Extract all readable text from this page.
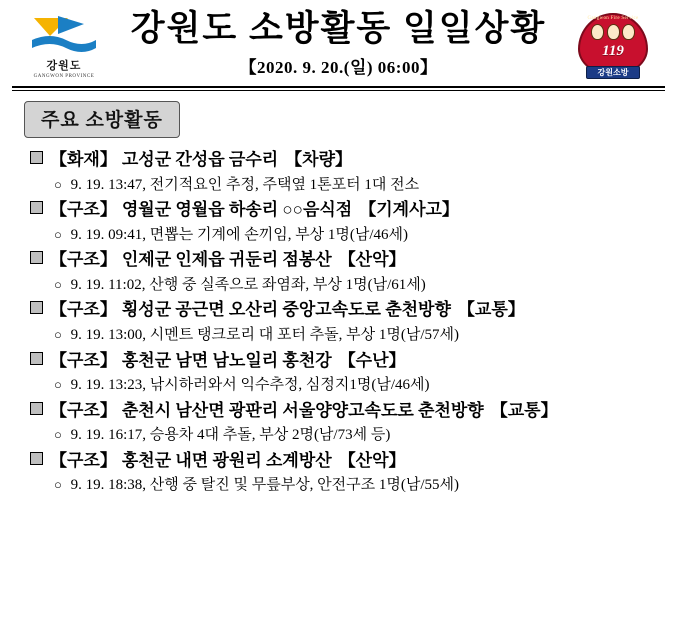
강원도
GANGWON PROVINCE
강원도 소방활동 일일상황
【2020. 9. 20.(일) 06:00】
Gangwon Fire Service
119
강원소방
주요 소방활동
【화재】 고성군 간성읍 금수리 【차량】
○ 9. 19. 13:47, 전기적요인 추정, 주택옆 1톤포터 1대 전소
【구조】 영월군 영월읍 하송리 ○○음식점 【기계사고】
○ 9. 19. 09:41, 면뽑는 기계에 손끼임, 부상 1명(남/46세)
【구조】 인제군 인제읍 귀둔리 점봉산 【산악】
○ 9. 19. 11:02, 산행 중 실족으로 좌염좌, 부상 1명(남/61세)
【구조】 횡성군 공근면 오산리 중앙고속도로 춘천방향 【교통】
○ 9. 19. 13:00, 시멘트 탱크로리 대 포터 추돌, 부상 1명(남/57세)
【구조】 홍천군 남면 남노일리 홍천강 【수난】
○ 9. 19. 13:23, 낚시하러와서 익수추정, 심정지1명(남/46세)
【구조】 춘천시 남산면 광판리 서울양양고속도로 춘천방향 【교통】
○ 9. 19. 16:17, 승용차 4대 추돌, 부상 2명(남/73세 등)
【구조】 홍천군 내면 광원리 소계방산 【산악】
○ 9. 19. 18:38, 산행 중 탈진 및 무릎부상, 안전구조 1명(남/55세)
